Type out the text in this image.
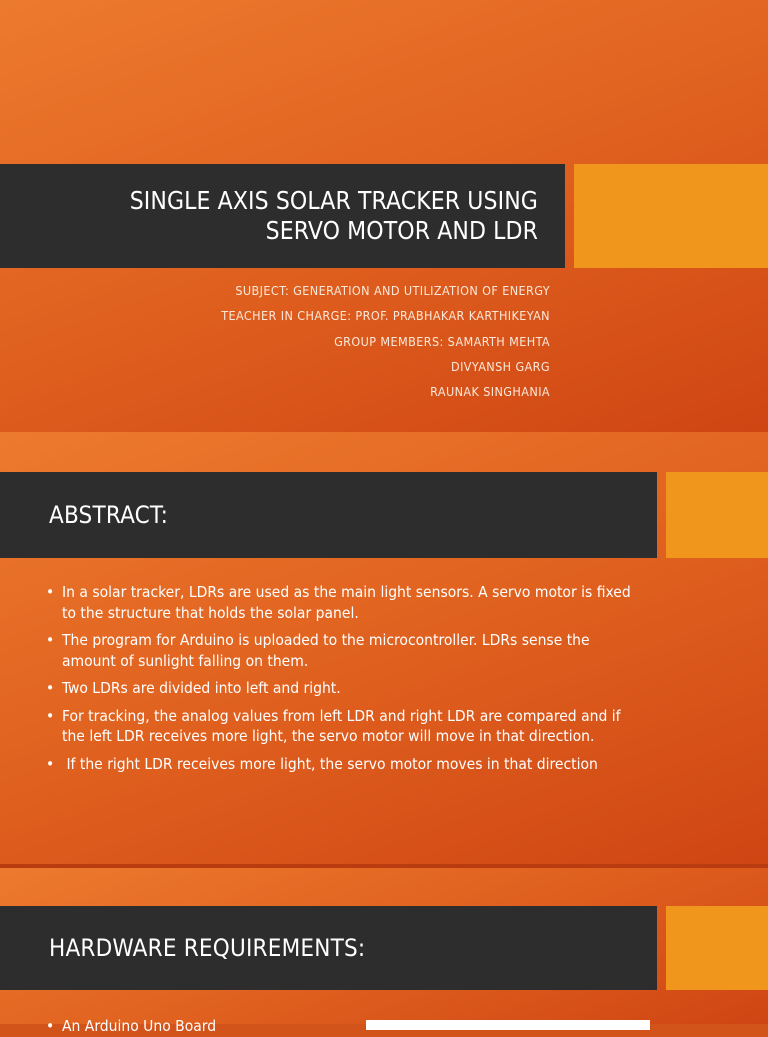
SINGLE AXIS SOLAR TRACKER USING
SERVO MOTOR AND LDR
SUBJECT: GENERATION AND UTILIZATION OF ENERGY
TEACHER IN CHARGE: PROF. PRABHAKAR KARTHIKEYAN
GROUP MEMBERS: SAMARTH MEHTA
DIVYANSH GARG
RAUNAK SINGHANIA
ABSTRACT:
• In a solar tracker, LDRs are used as the main light sensors. A servo motor is fixed to the structure that holds the solar panel.
• The program for Arduino is uploaded to the microcontroller. LDRs sense the amount of sunlight falling on them.
• Two LDRs are divided into left and right.
• For tracking, the analog values from left LDR and right LDR are compared and if the left LDR receives more light, the servo motor will move in that direction.
• If the right LDR receives more light, the servo motor moves in that direction
HARDWARE REQUIREMENTS:
• An Arduino Uno Board
